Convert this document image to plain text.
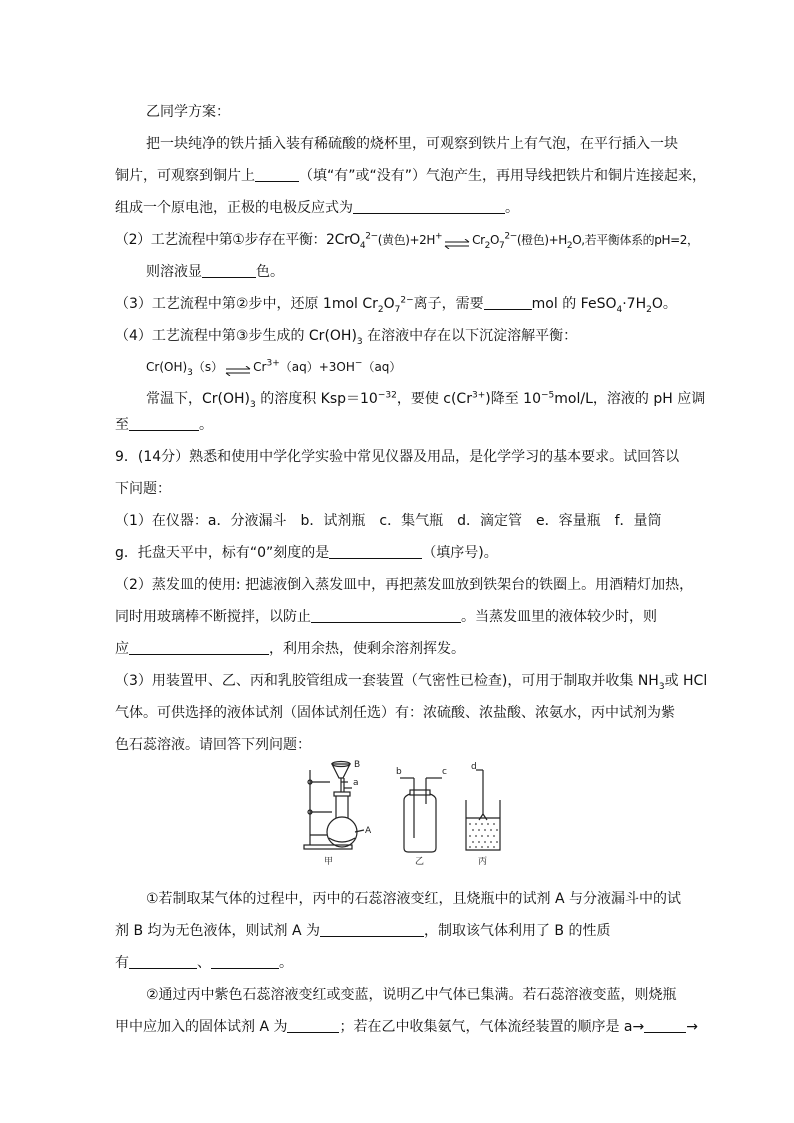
乙同学方案：
把一块纯净的铁片插入装有稀硫酸的烧杯里，可观察到铁片上有气泡，在平行插入一块
铜片，可观察到铜片上	（填“有”或“没有”）气泡产生，再用导线把铁片和铜片连接起来，
组成一个原电池，正极的电极反应式为	。
（2）工艺流程中第①步存在平衡：2CrO$_4^{2-}$(黄色)+2H+ ⇌ $Cr_2O_7^{2-}$(橙色)$+H_2O$,若平衡体系的pH=2，
则溶液显	色。
（3）工艺流程中第②步中，还原 1mol $Cr_2O_7^{2-}$离子，需要	mol 的 $FeSO_4\cdot 7H_2O$。
（4）工艺流程中第③步生成的 $Cr(OH)_3$ 在溶液中存在以下沉淀溶解平衡：
$Cr(OH)_3(s)$ ⇌ $Cr^{3+}(aq)+3OH^-(aq)$
常温下，$Cr(OH)_3$ 的溶度积 $Ksp=10^{-32}$，要使 $c(Cr^{3+})$降至 $10^{-5}mol/L$，溶液的 pH 应调
至	。
9．(14分）熟悉和使用中学化学实验中常见仪器及用品，是化学学习的基本要求。试回答以
下问题：
（1）在仪器：a．分液漏斗　b．试剂瓶　c．集气瓶　d．滴定管　e．容量瓶　f．量筒
g．托盘天平中，标有“0”刻度的是	（填序号)。
（2）蒸发皿的使用: 把滤液倒入蒸发皿中，再把蒸发皿放到铁架台的铁圈上。用酒精灯加热，
同时用玻璃棒不断搅拌，以防止	。当蒸发皿里的液体较少时，则
应	，利用余热，使剩余溶剂挥发。
（3）用装置甲、乙、丙和乳胶管组成一套装置（气密性已检查)，可用于制取并收集 $NH_3$或 HCl
气体。可供选择的液体试剂（固体试剂任选）有：浓硫酸、浓盐酸、浓氨水，丙中试剂为紫
色石蕊溶液。请回答下列问题：
B
a
A
甲
b	c
乙
d
丙
①若制取某气体的过程中，丙中的石蕊溶液变红，且烧瓶中的试剂 A 与分液漏斗中的试
剂 B 均为无色液体，则试剂 A 为	，制取该气体利用了 B 的性质
有	、	。
②通过丙中紫色石蕊溶液变红或变蓝，说明乙中气体已集满。若石蕊溶液变蓝，则烧瓶
甲中应加入的固体试剂 A 为	；若在乙中收集氨气，气体流经装置的顺序是 a→	→
